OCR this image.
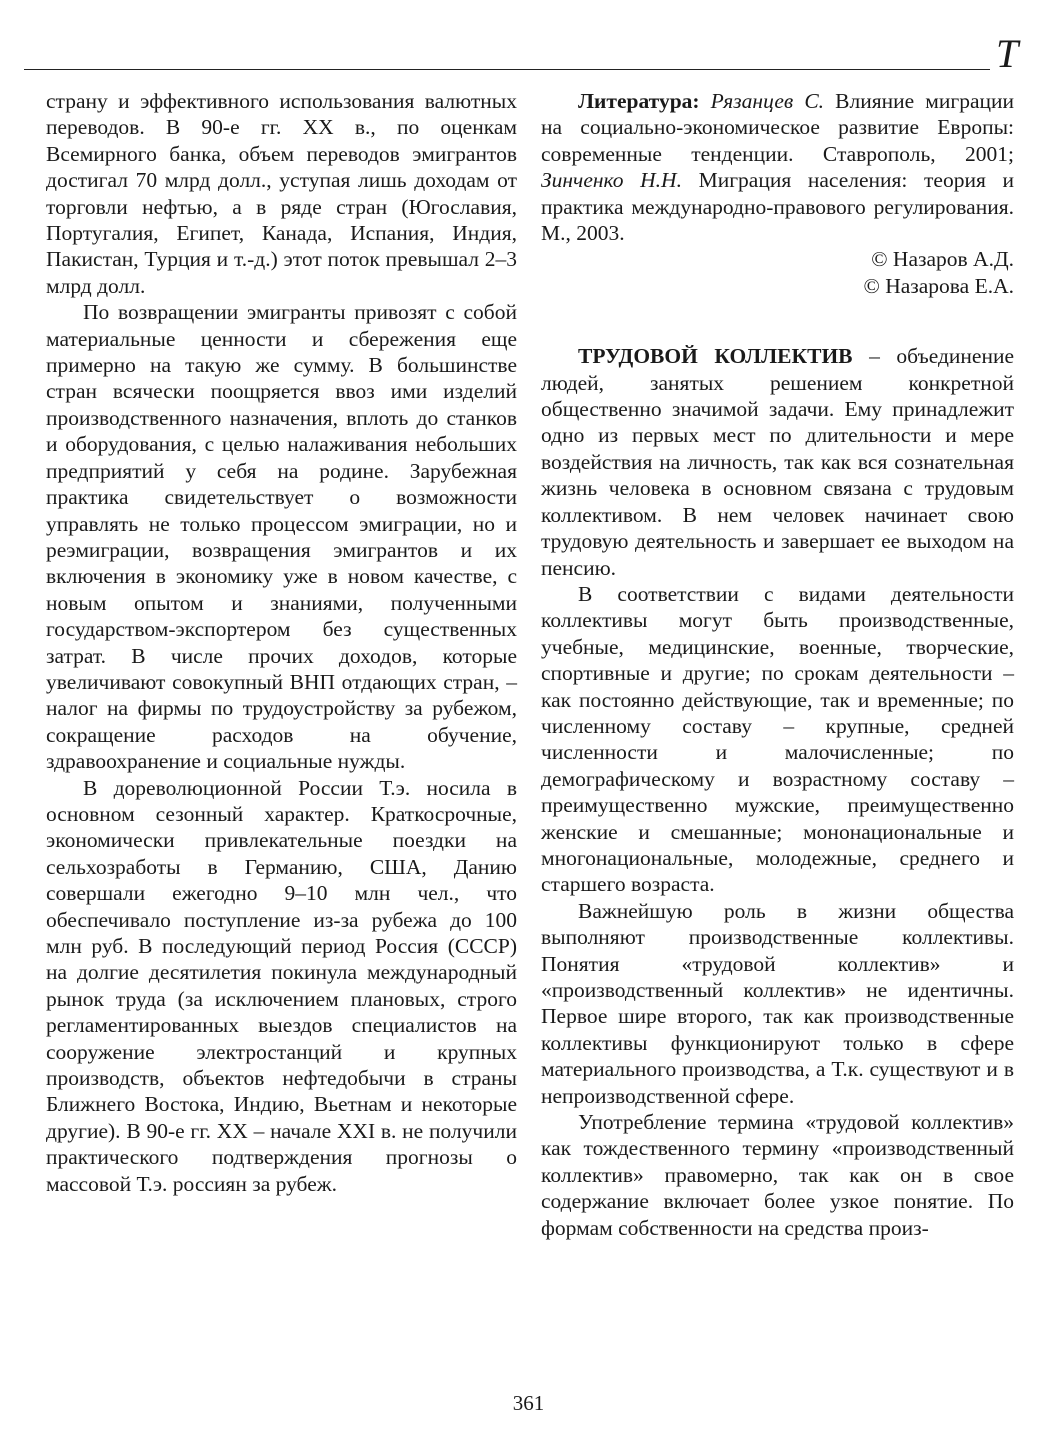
Т

страну и эффективного использования валютных переводов. В 90-е гг. XX в., по оценкам Всемирного банка, объем переводов эмигрантов достигал 70 млрд долл., уступая лишь доходам от торговли нефтью, а в ряде стран (Югославия, Португалия, Египет, Канада, Испания, Индия, Пакистан, Турция и т.-д.) этот поток превышал 2–3 млрд долл.

По возвращении эмигранты привозят с собой материальные ценности и сбережения еще примерно на такую же сумму. В большинстве стран всячески поощряется ввоз ими изделий производственного назначения, вплоть до станков и оборудования, с целью налаживания небольших предприятий у себя на родине. Зарубежная практика свидетельствует о возможности управлять не только процессом эмиграции, но и реэмиграции, возвращения эмигрантов и их включения в экономику уже в новом качестве, с новым опытом и знаниями, полученными государством-экспортером без существенных затрат. В числе прочих доходов, которые увеличивают совокупный ВНП отдающих стран, – налог на фирмы по трудоустройству за рубежом, сокращение расходов на обучение, здравоохранение и социальные нужды.

В дореволюционной России Т.э. носила в основном сезонный характер. Краткосрочные, экономически привлекательные поездки на сельхозработы в Германию, США, Данию совершали ежегодно 9–10 млн чел., что обеспечивало поступление из-за рубежа до 100 млн руб. В последующий период Россия (СССР) на долгие десятилетия покинула международный рынок труда (за исключением плановых, строго регламентированных выездов специалистов на сооружение электростанций и крупных производств, объектов нефтедобычи в страны Ближнего Востока, Индию, Вьетнам и некоторые другие). В 90-е гг. XX – начале XXI в. не получили практического подтверждения прогнозы о массовой Т.э. россиян за рубеж.

Литература: Рязанцев С. Влияние миграции на социально-экономическое развитие Европы: современные тенденции. Ставрополь, 2001; Зинченко Н.Н. Миграция населения: теория и практика международно-правового регулирования. М., 2003.

© Назаров А.Д.

© Назарова Е.А.

ТРУДОВОЙ КОЛЛЕКТИВ – объединение людей, занятых решением конкретной общественно значимой задачи. Ему принадлежит одно из первых мест по длительности и мере воздействия на личность, так как вся сознательная жизнь человека в основном связана с трудовым коллективом. В нем человек начинает свою трудовую деятельность и завершает ее выходом на пенсию.

В соответствии с видами деятельности коллективы могут быть производственные, учебные, медицинские, военные, творческие, спортивные и другие; по срокам деятельности – как постоянно действующие, так и временные; по численному составу – крупные, средней численности и малочисленные; по демографическому и возрастному составу – преимущественно мужские, преимущественно женские и смешанные; мононациональные и многонациональные, молодежные, среднего и старшего возраста.

Важнейшую роль в жизни общества выполняют производственные коллективы. Понятия «трудовой коллектив» и «производственный коллектив» не идентичны. Первое шире второго, так как производственные коллективы функционируют только в сфере материального производства, а Т.к. существуют и в непроизводственной сфере.

Употребление термина «трудовой коллектив» как тождественного термину «производственный коллектив» правомерно, так как он в свое содержание включает более узкое понятие. По формам собственности на средства произ-

361
